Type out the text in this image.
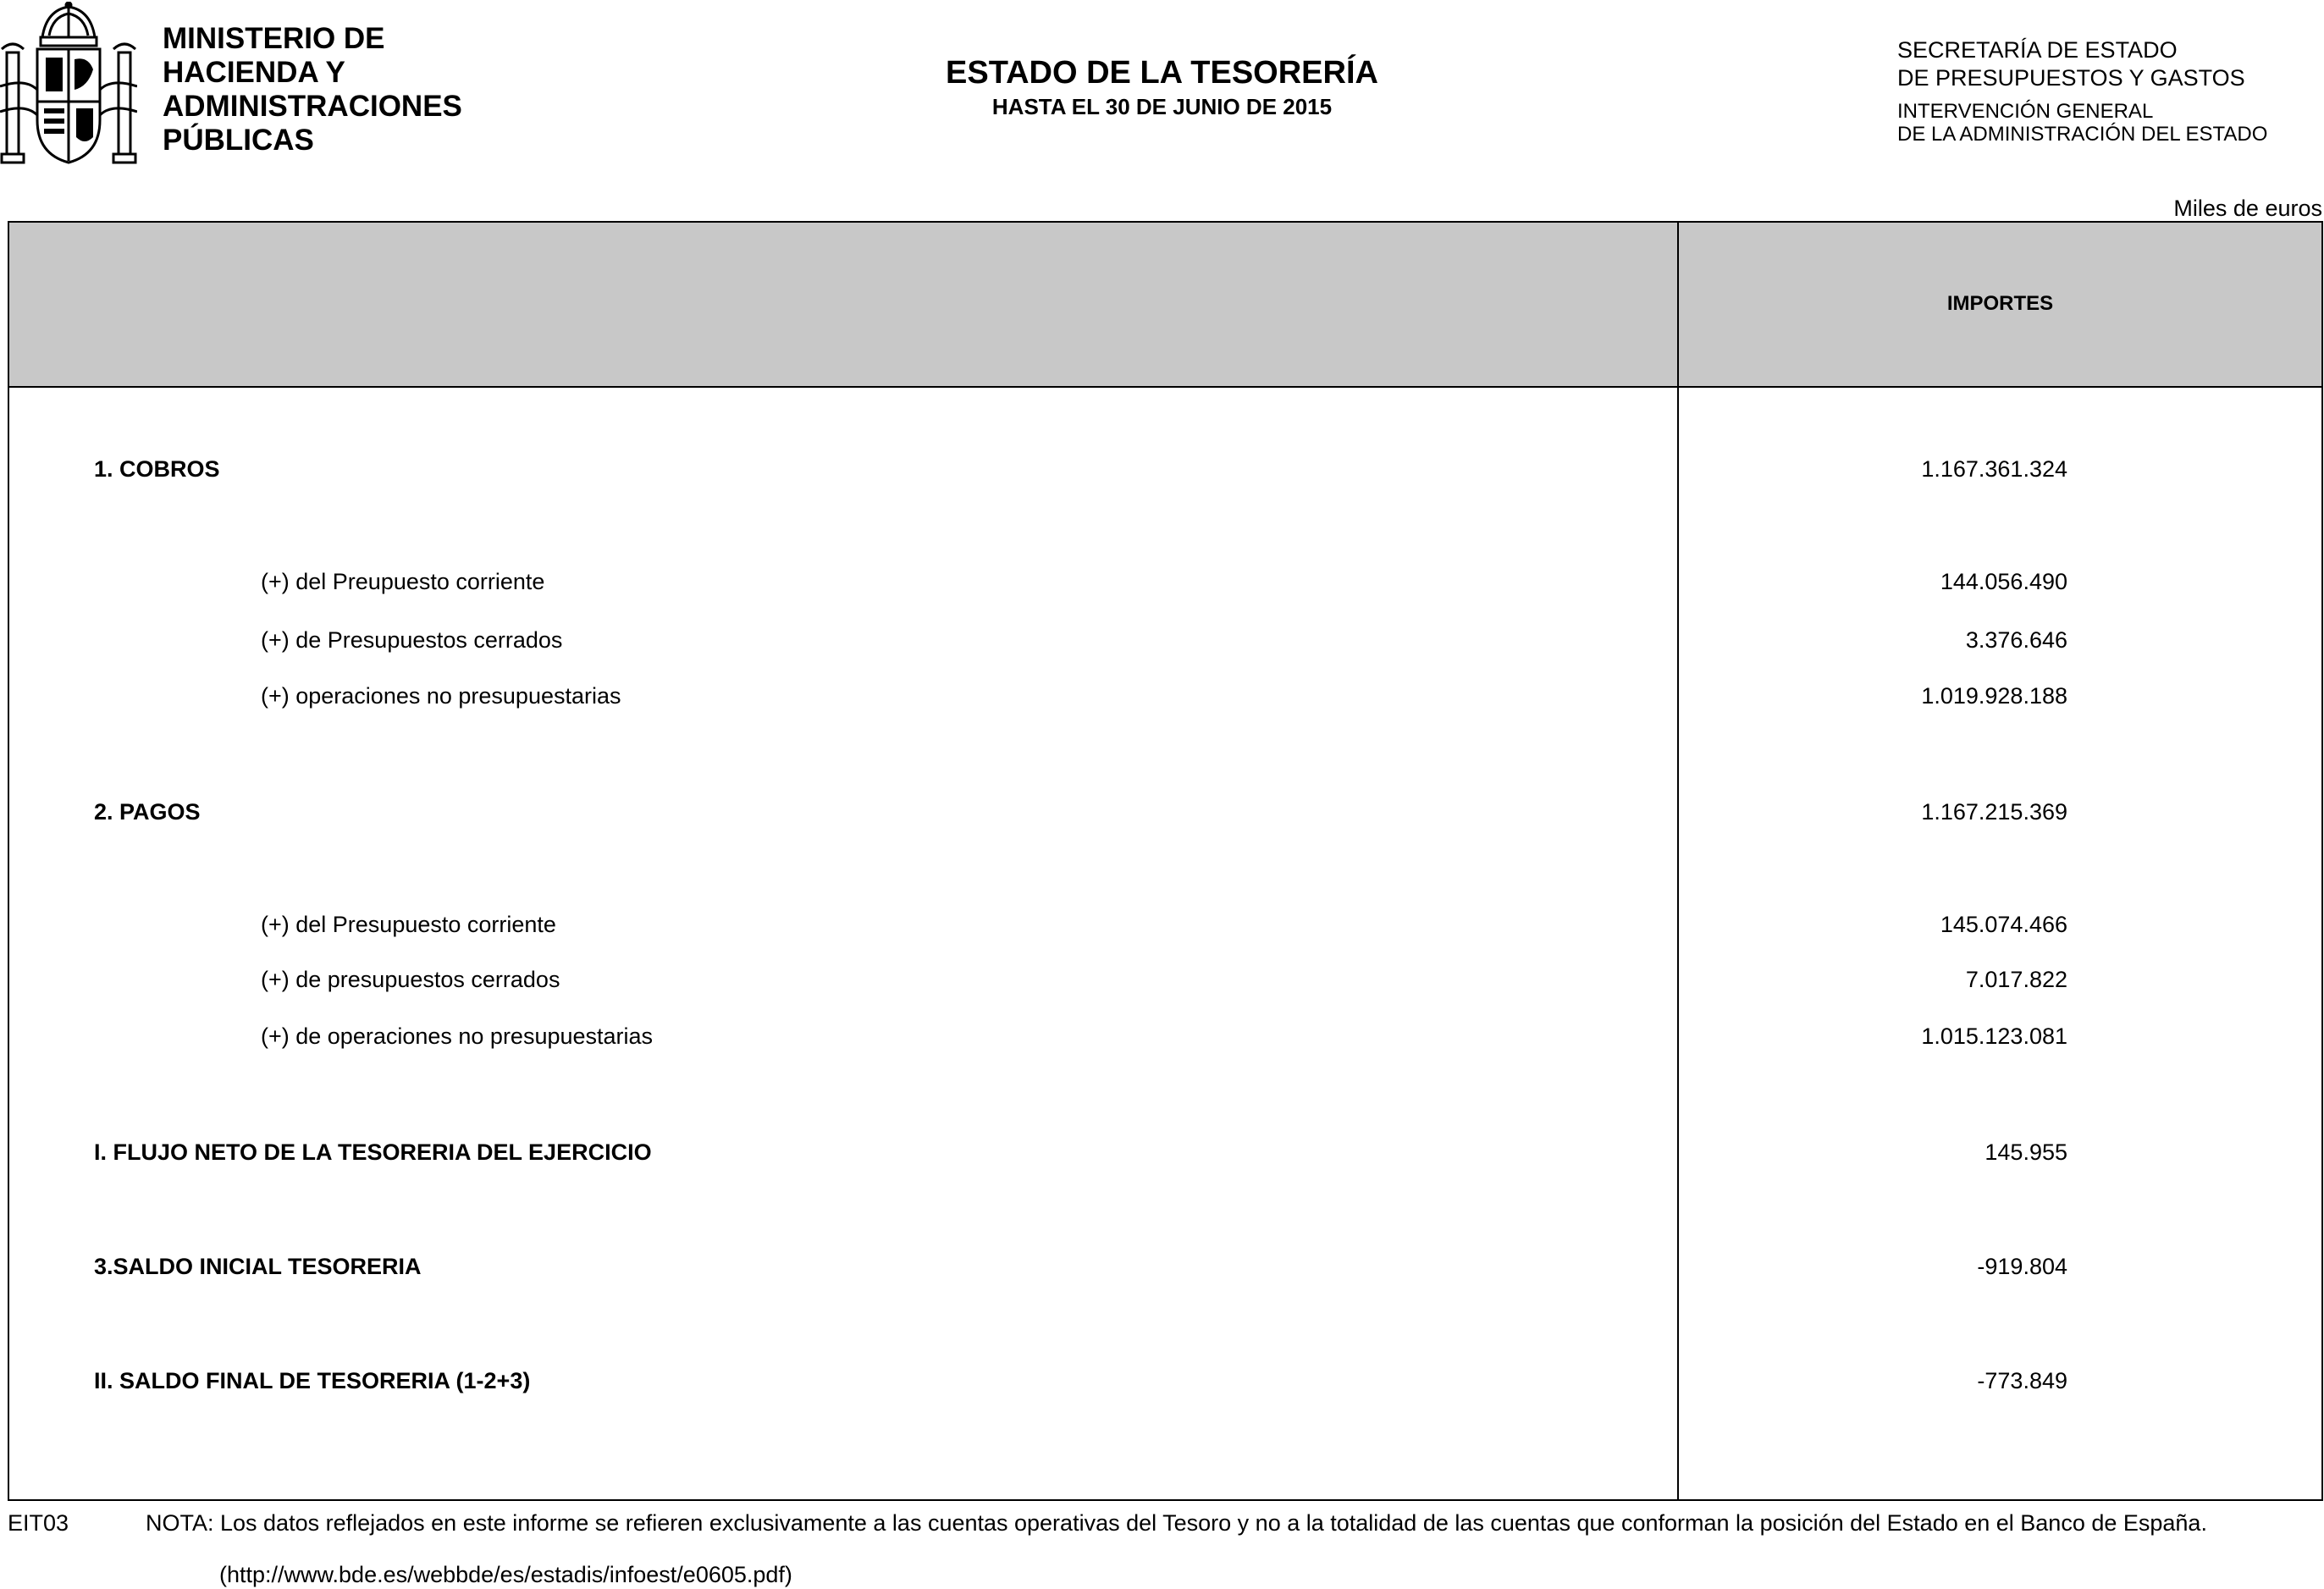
MINISTERIO DE
HACIENDA Y
ADMINISTRACIONES
PÚBLICAS
ESTADO DE LA TESORERÍA
HASTA EL 30 DE JUNIO DE 2015
SECRETARÍA DE ESTADO
DE PRESUPUESTOS Y GASTOS
INTERVENCIÓN GENERAL
DE LA ADMINISTRACIÓN DEL ESTADO
Miles de euros
IMPORTES
1. COBROS	1.167.361.324
(+) del Preupuesto corriente	144.056.490
(+) de Presupuestos cerrados	3.376.646
(+) operaciones no presupuestarias	1.019.928.188
2. PAGOS	1.167.215.369
(+) del Presupuesto corriente	145.074.466
(+) de presupuestos cerrados	7.017.822
(+) de operaciones no presupuestarias	1.015.123.081
I. FLUJO NETO DE LA TESORERIA DEL EJERCICIO	145.955
3.SALDO INICIAL TESORERIA	-919.804
II. SALDO FINAL DE TESORERIA (1-2+3)	-773.849
EIT03	NOTA: Los datos reflejados en este informe se refieren exclusivamente a las cuentas operativas del Tesoro y no a la totalidad de las cuentas que conforman la posición del Estado en el Banco de España.
(http://www.bde.es/webbde/es/estadis/infoest/e0605.pdf)
